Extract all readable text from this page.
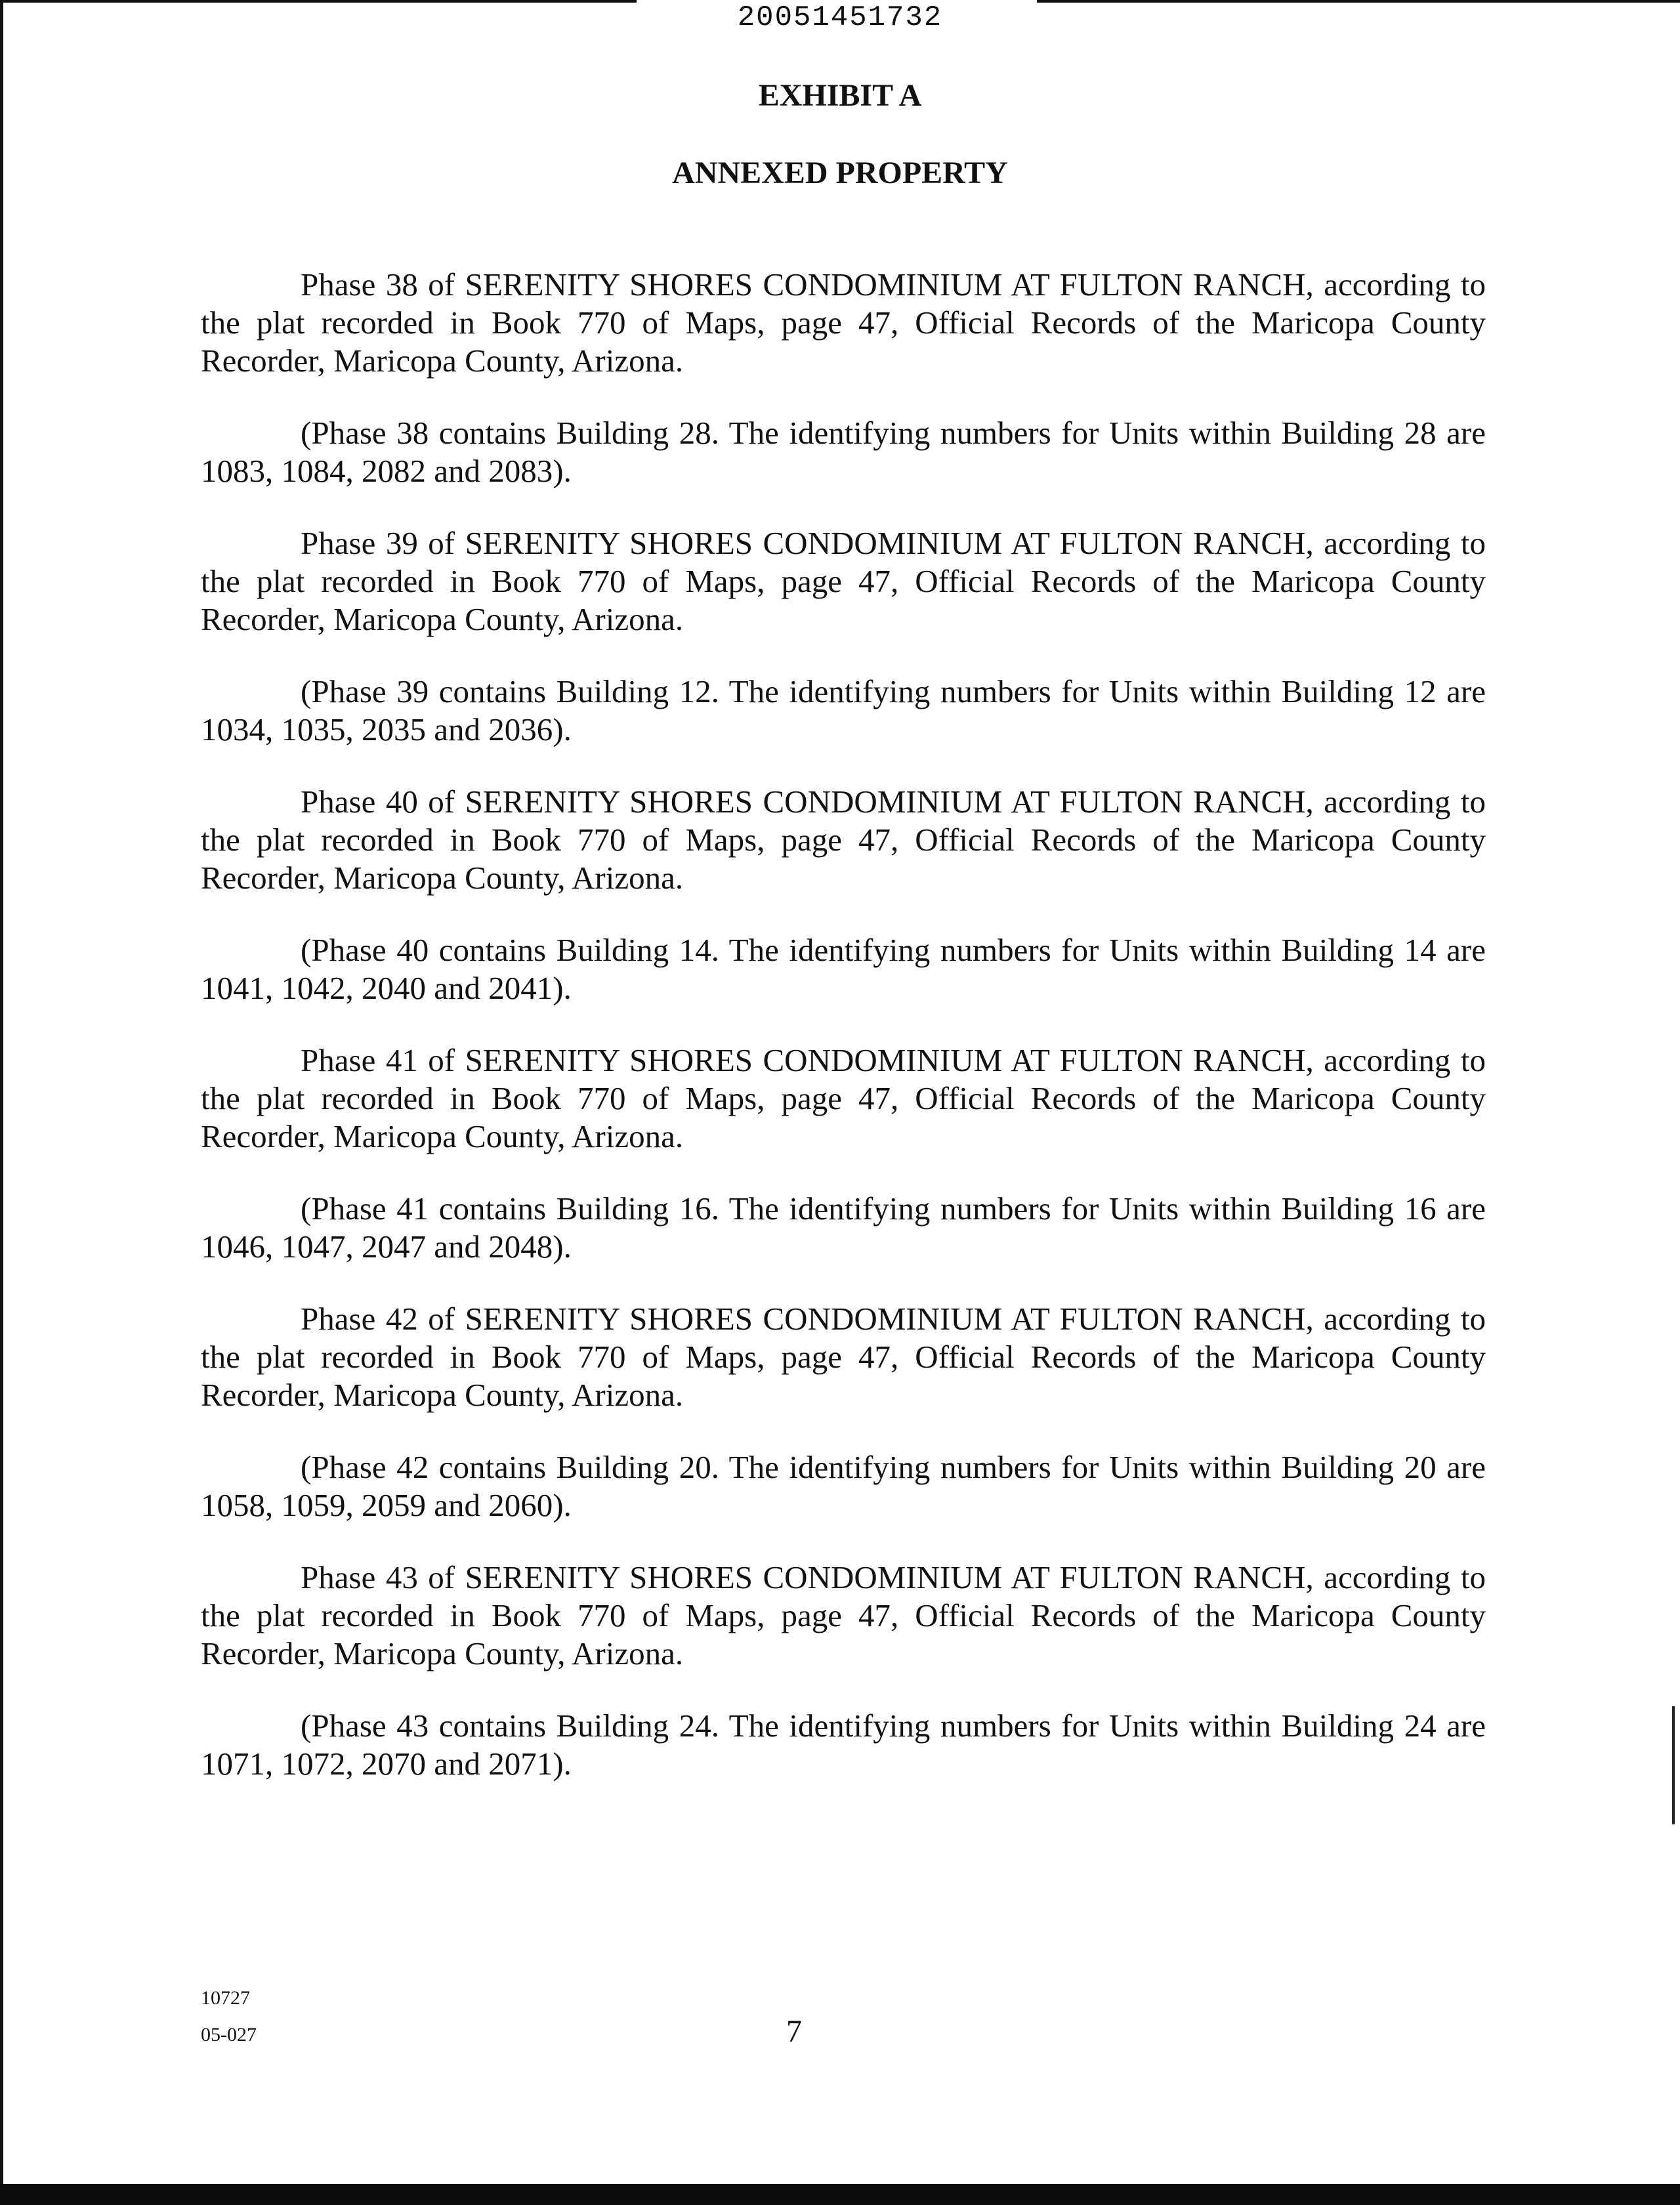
20051451732
EXHIBIT A
ANNEXED PROPERTY

Phase 38 of SERENITY SHORES CONDOMINIUM AT FULTON RANCH, according to the plat recorded in Book 770 of Maps, page 47, Official Records of the Maricopa County Recorder, Maricopa County, Arizona.

(Phase 38 contains Building 28. The identifying numbers for Units within Building 28 are 1083, 1084, 2082 and 2083).

Phase 39 of SERENITY SHORES CONDOMINIUM AT FULTON RANCH, according to the plat recorded in Book 770 of Maps, page 47, Official Records of the Maricopa County Recorder, Maricopa County, Arizona.

(Phase 39 contains Building 12. The identifying numbers for Units within Building 12 are 1034, 1035, 2035 and 2036).

Phase 40 of SERENITY SHORES CONDOMINIUM AT FULTON RANCH, according to the plat recorded in Book 770 of Maps, page 47, Official Records of the Maricopa County Recorder, Maricopa County, Arizona.

(Phase 40 contains Building 14. The identifying numbers for Units within Building 14 are 1041, 1042, 2040 and 2041).

Phase 41 of SERENITY SHORES CONDOMINIUM AT FULTON RANCH, according to the plat recorded in Book 770 of Maps, page 47, Official Records of the Maricopa County Recorder, Maricopa County, Arizona.

(Phase 41 contains Building 16. The identifying numbers for Units within Building 16 are 1046, 1047, 2047 and 2048).

Phase 42 of SERENITY SHORES CONDOMINIUM AT FULTON RANCH, according to the plat recorded in Book 770 of Maps, page 47, Official Records of the Maricopa County Recorder, Maricopa County, Arizona.

(Phase 42 contains Building 20. The identifying numbers for Units within Building 20 are 1058, 1059, 2059 and 2060).

Phase 43 of SERENITY SHORES CONDOMINIUM AT FULTON RANCH, according to the plat recorded in Book 770 of Maps, page 47, Official Records of the Maricopa County Recorder, Maricopa County, Arizona.

(Phase 43 contains Building 24. The identifying numbers for Units within Building 24 are 1071, 1072, 2070 and 2071).

10727
05-027	7
